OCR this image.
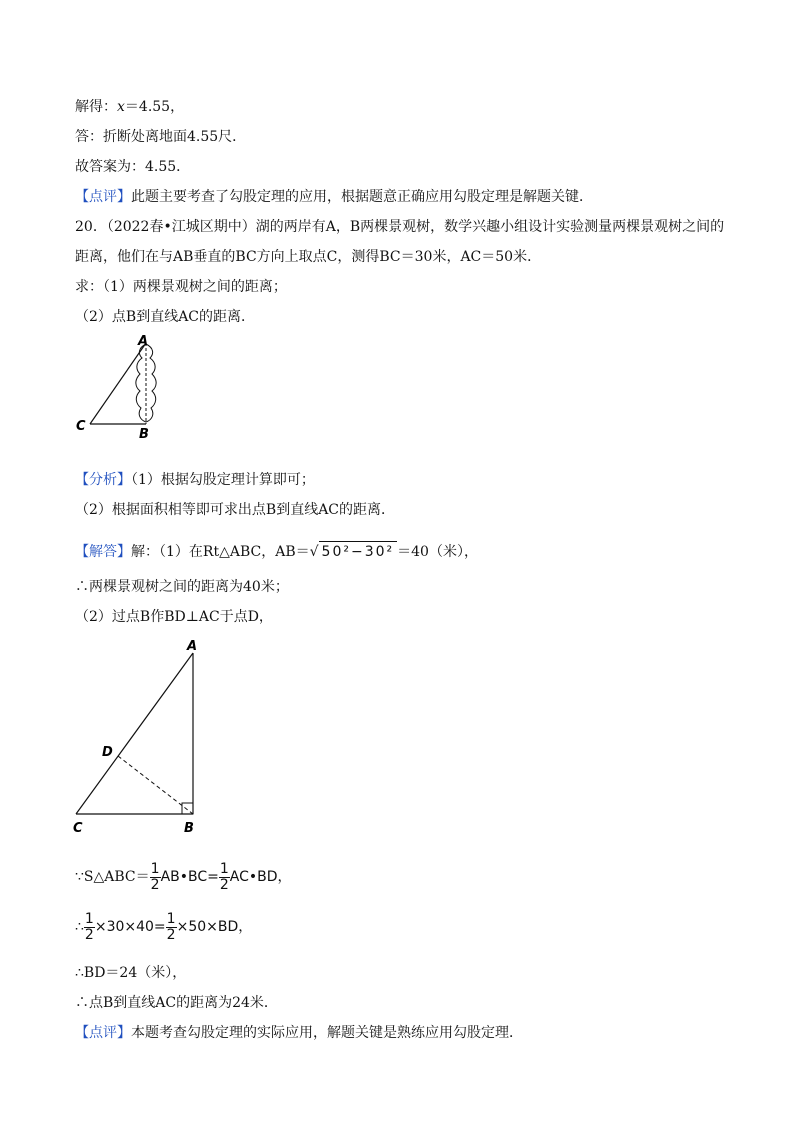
解得：x＝4.55，
答：折断处离地面4.55尺．
故答案为：4.55．
【点评】此题主要考查了勾股定理的应用，根据题意正确应用勾股定理是解题关键．
20．（2022春•江城区期中）湖的两岸有A，B两棵景观树，数学兴趣小组设计实验测量两棵景观树之间的距离，他们在与AB垂直的BC方向上取点C，测得BC＝30米，AC＝50米．
求：（1）两棵景观树之间的距离；
（2）点B到直线AC的距离．
A
C
B
【分析】（1）根据勾股定理计算即可；
（2）根据面积相等即可求出点B到直线AC的距离．
【解答】解：（1）在Rt△ABC，AB＝√ 50²−30² ＝40（米），
∴两棵景观树之间的距离为40米；
（2）过点B作BD⊥AC于点D，
A
D
C	B
∵S△ABC＝ $\frac{1}{2}$ AB•BC= $\frac{1}{2}$ AC•BD，
∴ $\frac{1}{2} \times 30\times 40= \frac{1}{2} \times 50\times BD$，
∴BD＝24（米），
∴点B到直线AC的距离为24米．
【点评】本题考查勾股定理的实际应用，解题关键是熟练应用勾股定理．
